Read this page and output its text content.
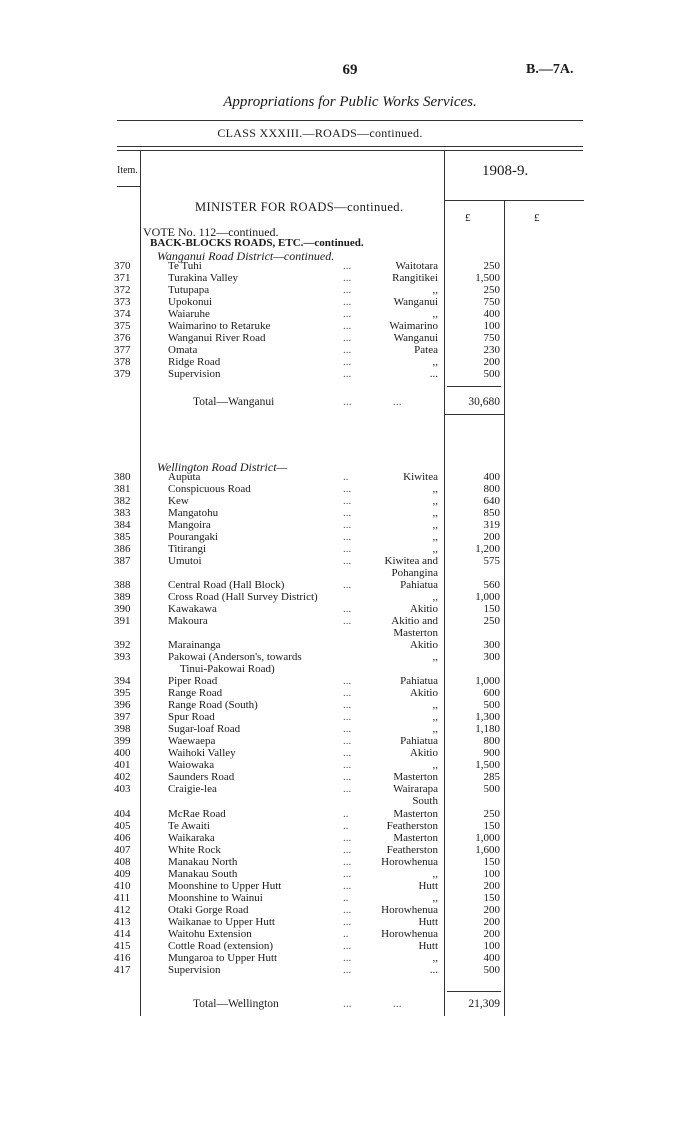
69	B.—7A.
Appropriations for Public Works Services.
CLASS XXXIII.—ROADS—continued.
Item.	1908-9.
MINISTER FOR ROADS—continued.
£	£
VOTE No. 112—continued.
BACK-BLOCKS ROADS, ETC.—continued.
Wanganui Road District—continued.
370	Te Tuhi	...	Waitotara	250
371	Turakina Valley	...	Rangitikei	1,500
372	Tutupapa	...	,,	250
373	Upokonui	...	Wanganui	750
374	Waiaruhe	...	,,	400
375	Waimarino to Retaruke	...	Waimarino	100
376	Wanganui River Road	...	Wanganui	750
377	Omata	...	Patea	230
378	Ridge Road	...	,,	200
379	Supervision	...	...	500
Total—Wanganui	...	...	30,680
Wellington Road District—
380	Auputa	..	Kiwitea	400
381	Conspicuous Road	...	,,	800
382	Kew	...	,,	640
383	Mangatohu	...	,,	850
384	Mangoira	...	,,	319
385	Pourangaki	...	,,	200
386	Titirangi	...	,,	1,200
387	Umutoi	...	Kiwitea and	575
Pohangina
388	Central Road (Hall Block)	...	Pahiatua	560
389	Cross Road (Hall Survey District)	,,	1,000
390	Kawakawa	...	Akitio	150
391	Makoura	...	Akitio and	250
Masterton
392	Marainanga	Akitio	300
393	Pakowai (Anderson's, towards	,,	300
Tinui-Pakowai Road)
394	Piper Road	...	Pahiatua	1,000
395	Range Road	...	Akitio	600
396	Range Road (South)	...	,,	500
397	Spur Road	...	,,	1,300
398	Sugar-loaf Road	...	,,	1,180
399	Waewaepa	...	Pahiatua	800
400	Waihoki Valley	...	Akitio	900
401	Waiowaka	...	,,	1,500
402	Saunders Road	...	Masterton	285
403	Craigie-lea	...	Wairarapa	500
South
404	McRae Road	..	Masterton	250
405	Te Awaiti	..	Featherston	150
406	Waikaraka	...	Masterton	1,000
407	White Rock	...	Featherston	1,600
408	Manakau North	...	Horowhenua	150
409	Manakau South	...	,,	100
410	Moonshine to Upper Hutt	...	Hutt	200
411	Moonshine to Wainui	..	,,	150
412	Otaki Gorge Road	...	Horowhenua	200
413	Waikanae to Upper Hutt	...	Hutt	200
414	Waitohu Extension	..	Horowhenua	200
415	Cottle Road (extension)	...	Hutt	100
416	Mungaroa to Upper Hutt	...	,,	400
417	Supervision	...	...	500
Total—Wellington	...	...	21,309
